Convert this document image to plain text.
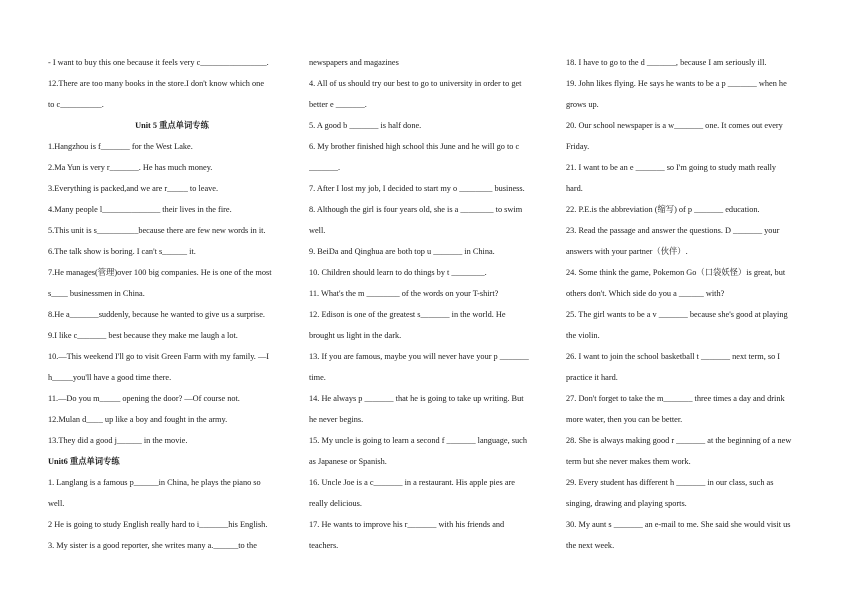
- I want to buy this one because it feels very c________________.
12.There are too many books in the store.I don't know which one
to c__________.
Unit 5 重点单词专练
1.Hangzhou is f_______ for the West Lake.
2.Ma Yun is very r_______. He has much money.
3.Everything is packed,and we are r_____ to leave.
4.Many people l______________ their lives in the fire.
5.This unit is s__________because there are few new words in it.
6.The talk show is boring. I can't s______ it.
7.He manages(管理)over 100 big companies. He is one of the most
s____ businessmen in China.
8.He a_______suddenly, because he wanted to give us a surprise.
9.I like c_______ best because they make me laugh a lot.
10.—This weekend I'll go to visit Green Farm with my family. —I
h_____you'll have a good time there.
11.—Do you m_____ opening the door? —Of course not.
12.Mulan d____ up like a boy and fought in the army.
13.They did a good j______ in the movie.
Unit6 重点单词专练
1. Langlang is a famous p______in China, he plays the piano so
well.
2 He is going to study English really hard to i_______his English.
3. My sister is a good reporter, she writes many a.______to the
newspapers and magazines
4. All of us should try our best to go to university in order to get
better e _______.
5. A good b _______ is half done.
6. My brother finished high school this June and he will go to c
_______.
7. After I lost my job, I decided to start my o ________ business.
8. Although the girl is four years old, she is a ________ to swim
well.
9. BeiDa and Qinghua are both top u _______ in China.
10. Children should learn to do things by t ________.
11. What's the m ________ of the words on your T-shirt?
12. Edison is one of the greatest s_______ in the world. He
brought us light in the dark.
13. If you are famous, maybe you will never have your p _______
time.
14. He always p _______ that he is going to take up writing. But
he never begins.
15. My uncle is going to learn a second f _______ language, such
as Japanese or Spanish.
16. Uncle Joe is a c_______ in a restaurant. His apple pies are
really delicious.
17. He wants to improve his r_______ with his friends and
teachers.
18. I have to go to the d _______, because I am seriously ill.
19. John likes flying. He says he wants to be a p _______ when he
grows up.
20. Our school newspaper is a w_______ one. It comes out every
Friday.
21. I want to be an e _______ so I'm going to study math really
hard.
22. P.E.is the abbreviation (缩写) of p _______ education.
23. Read the passage and answer the questions. D _______ your
answers with your partner（伙伴）.
24. Some think the game, Pokemon Go（口袋妖怪）is great, but
others don't. Which side do you a ______ with?
25. The girl wants to be a v _______ because she's good at playing
the violin.
26. I want to join the school basketball t _______ next term, so I
practice it hard.
27. Don't forget to take the m_______ three times a day and drink
more water, then you can be better.
28. She is always making good r _______ at the beginning of a new
term but she never makes them work.
29. Every student has different h _______ in our class, such as
singing, drawing and playing sports.
30. My aunt s _______ an e-mail to me. She said she would visit us
the next week.
